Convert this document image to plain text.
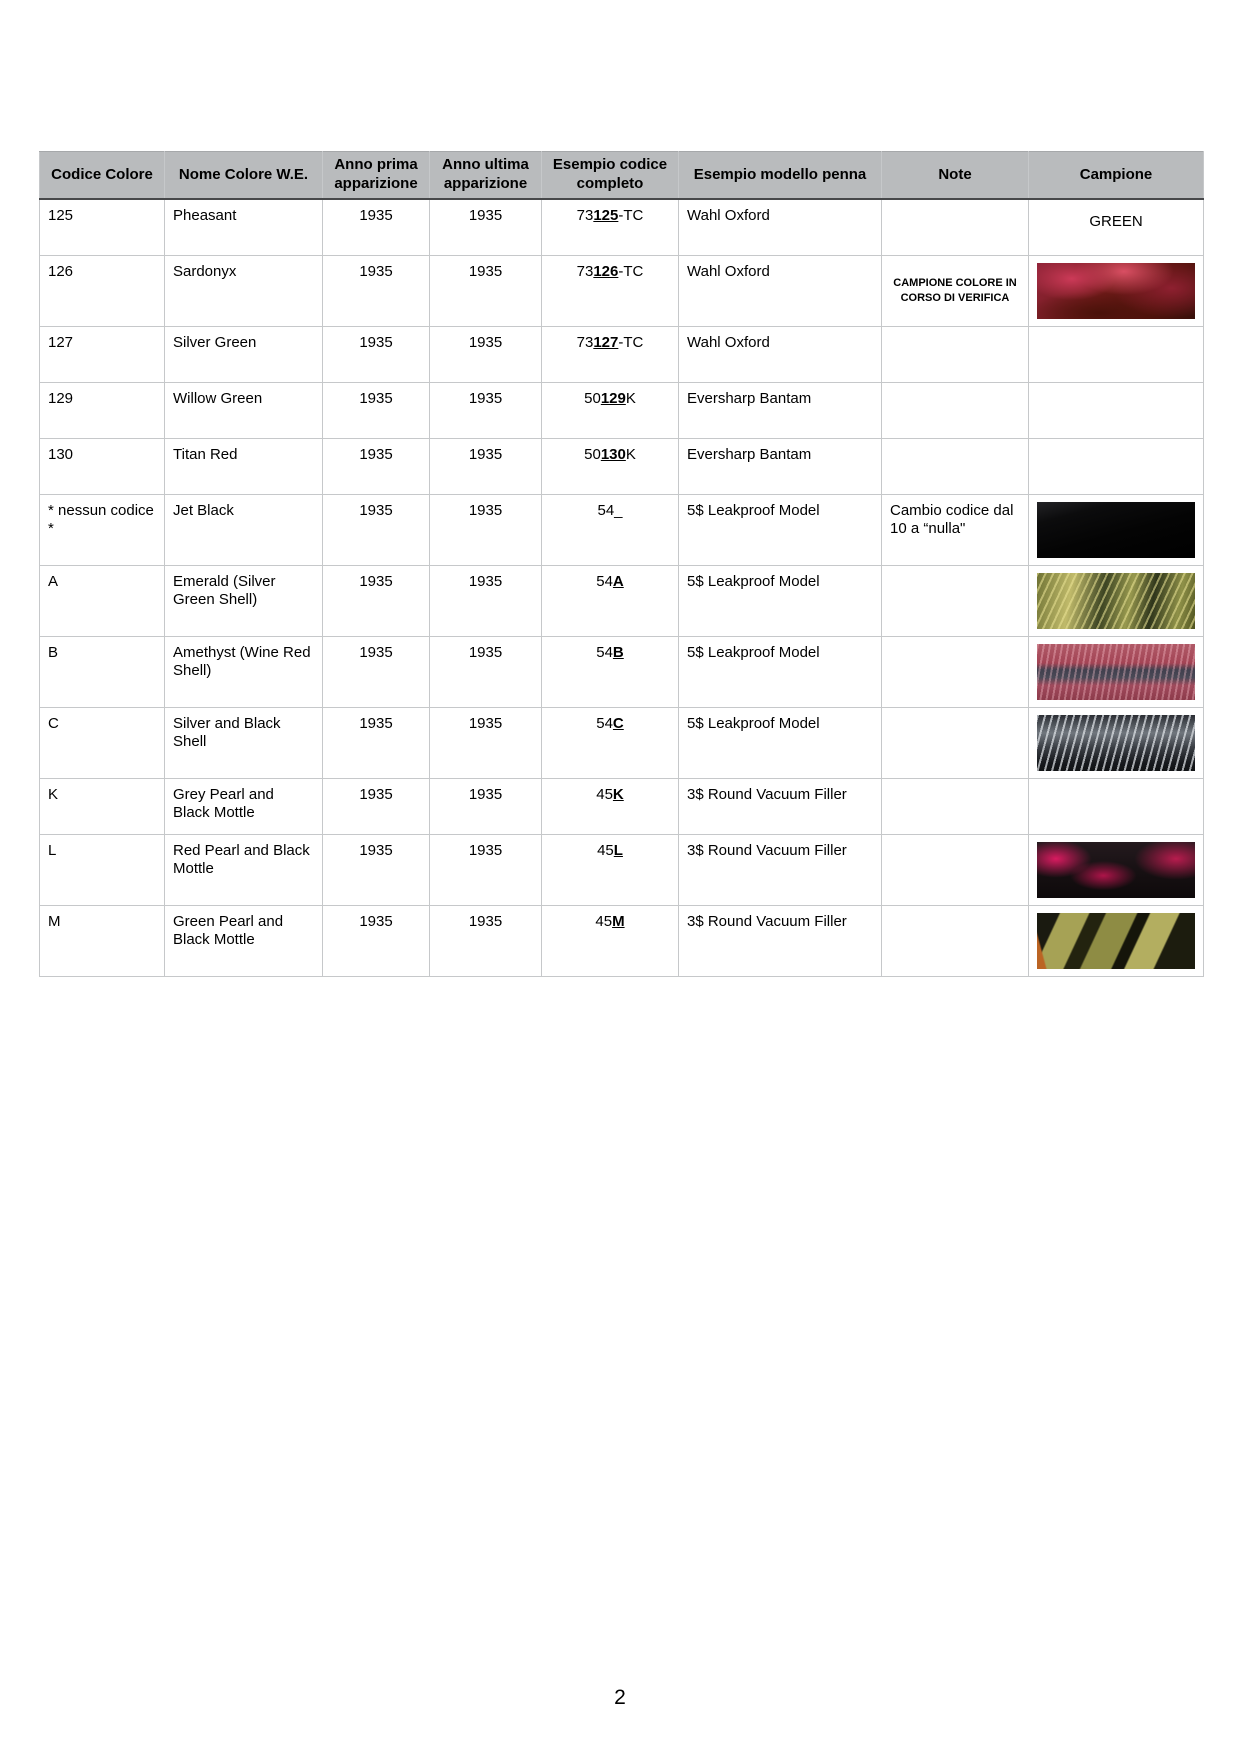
Codice Colore	Nome Colore W.E.	Anno prima apparizione	Anno ultima apparizione	Esempio codice completo	Esempio modello penna	Note	Campione
125	Pheasant	1935	1935	73125-TC	Wahl Oxford		GREEN

126	Sardonyx	1935	1935	73126-TC	Wahl Oxford	CAMPIONE COLORE IN CORSO DI VERIFICA	

127	Silver Green	1935	1935	73127-TC	Wahl Oxford		
129	Willow Green	1935	1935	50129K	Eversharp Bantam		
130	Titan Red	1935	1935	50130K	Eversharp Bantam		
* nessun codice *	Jet Black	1935	1935	54_	5$ Leakproof Model	Cambio codice dal 10 a “nulla"	

A	Emerald (Silver Green Shell)	1935	1935	54A	5$ Leakproof Model		

B	Amethyst (Wine Red Shell)	1935	1935	54B	5$ Leakproof Model		

C	Silver and Black Shell	1935	1935	54C	5$ Leakproof Model		

K	Grey Pearl and Black Mottle	1935	1935	45K	3$ Round Vacuum Filler		
L	Red Pearl and Black Mottle	1935	1935	45L	3$ Round Vacuum Filler		

M	Green Pearl and Black Mottle	1935	1935	45M	3$ Round Vacuum Filler		
2
